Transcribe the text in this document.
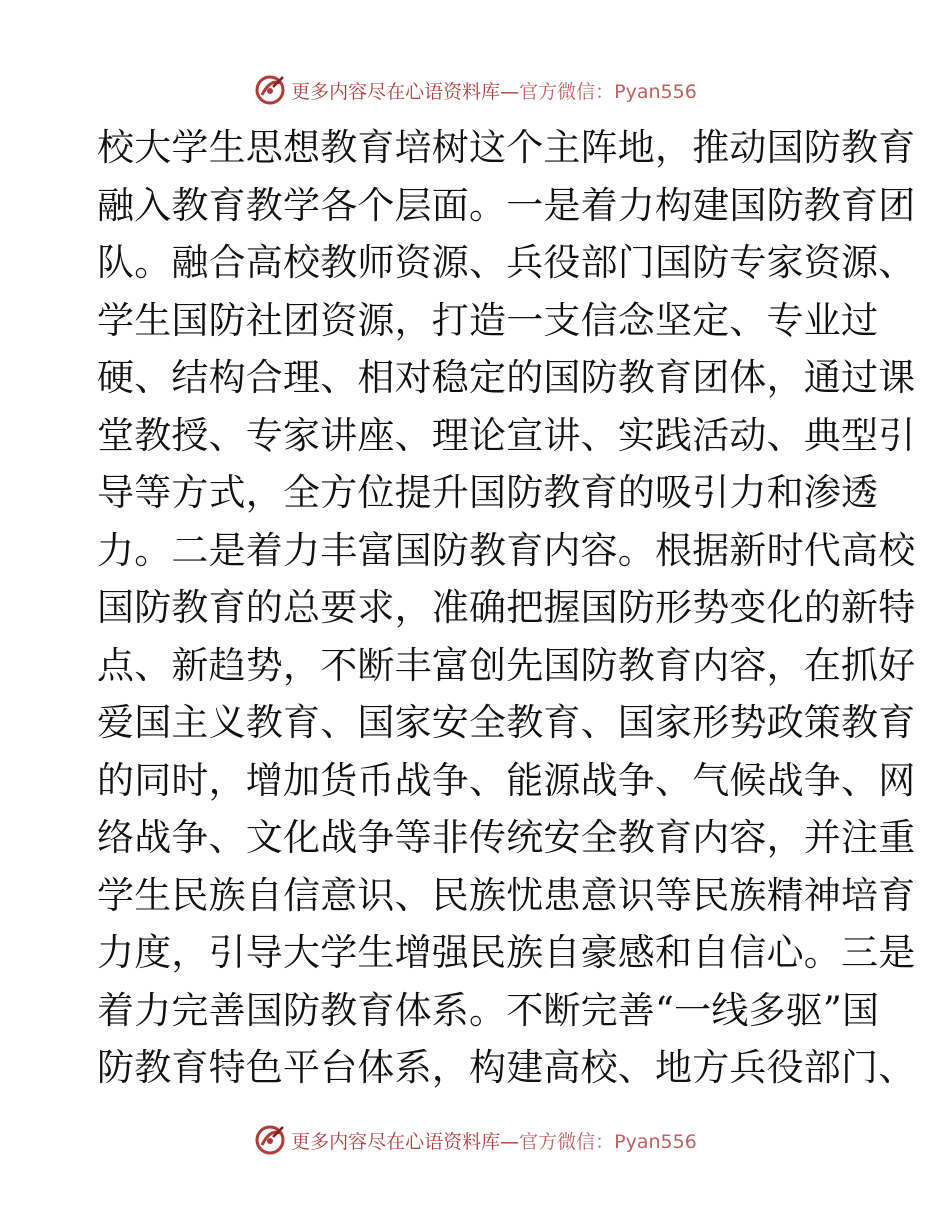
更多内容尽在心语资料库— 官方微信：Pyan556
校大学生思想教育培树这个主阵地，推动国防教育
融入教育教学各个层面。一是着力构建国防教育团
队。融合高校教师资源、兵役部门国防专家资源、
学生国防社团资源，打造一支信念坚定、专业过
硬、结构合理、相对稳定的国防教育团体，通过课
堂教授、专家讲座、理论宣讲、实践活动、典型引
导等方式，全方位提升国防教育的吸引力和渗透
力。二是着力丰富国防教育内容。根据新时代高校
国防教育的总要求，准确把握国防形势变化的新特
点、新趋势，不断丰富创先国防教育内容，在抓好
爱国主义教育、国家安全教育、国家形势政策教育
的同时，增加货币战争、能源战争、气候战争、网
络战争、文化战争等非传统安全教育内容，并注重
学生民族自信意识、民族忧患意识等民族精神培育
力度，引导大学生增强民族自豪感和自信心。三是
着力完善国防教育体系。不断完善“一线多驱”国
防教育特色平台体系，构建高校、地方兵役部门、
更多内容尽在心语资料库— 官方微信：Pyan556
